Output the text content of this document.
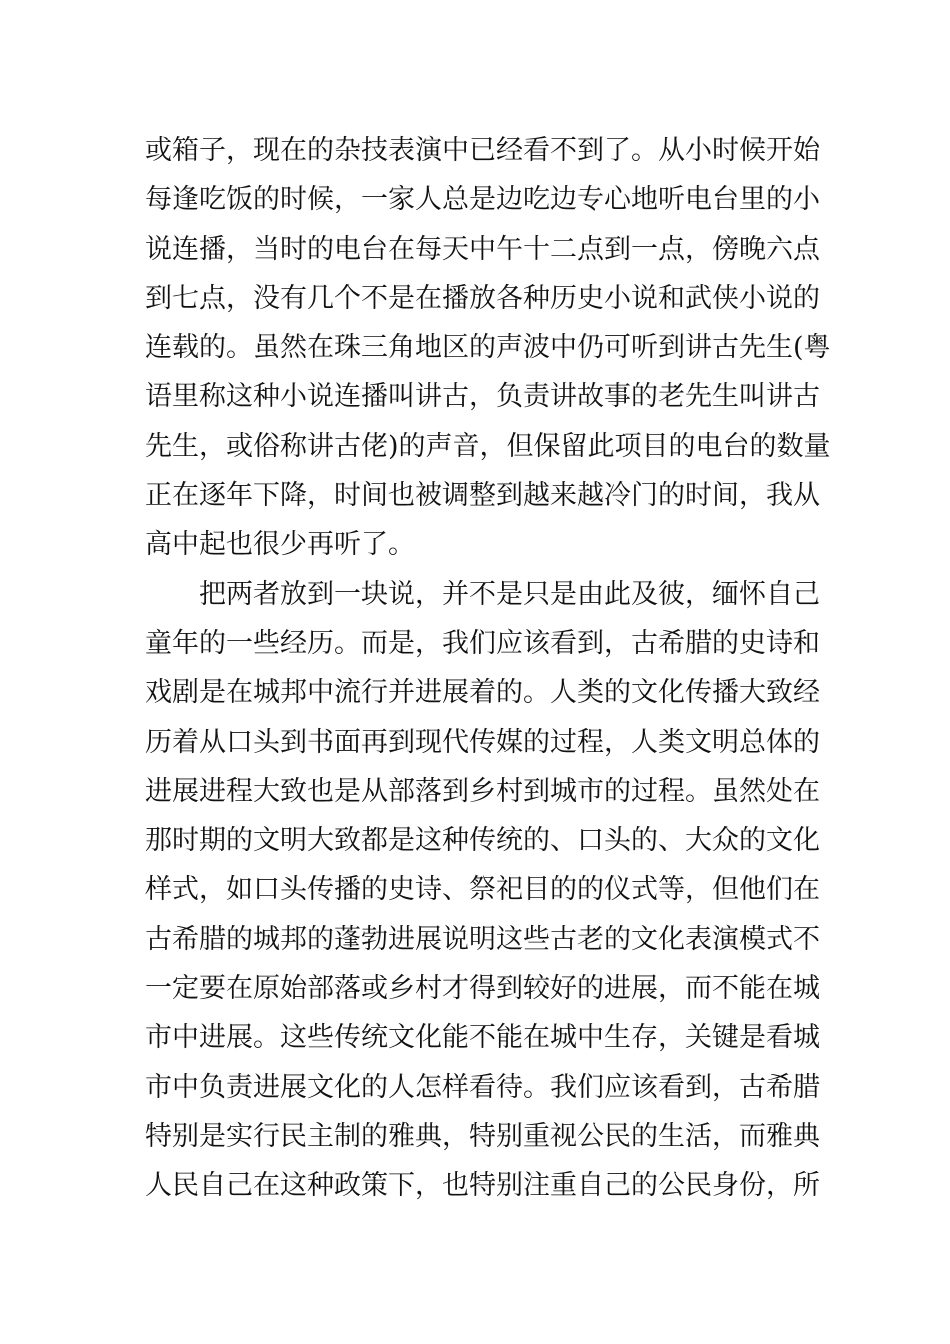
或箱子，现在的杂技表演中已经看不到了。从小时候开始
每逢吃饭的时候，一家人总是边吃边专心地听电台里的小
说连播，当时的电台在每天中午十二点到一点，傍晚六点
到七点，没有几个不是在播放各种历史小说和武侠小说的
连载的。虽然在珠三角地区的声波中仍可听到讲古先生(粤
语里称这种小说连播叫讲古，负责讲故事的老先生叫讲古
先生，或俗称讲古佬)的声音，但保留此项目的电台的数量
正在逐年下降，时间也被调整到越来越冷门的时间，我从
高中起也很少再听了。
把两者放到一块说，并不是只是由此及彼，缅怀自己
童年的一些经历。而是，我们应该看到，古希腊的史诗和
戏剧是在城邦中流行并进展着的。人类的文化传播大致经
历着从口头到书面再到现代传媒的过程，人类文明总体的
进展进程大致也是从部落到乡村到城市的过程。虽然处在
那时期的文明大致都是这种传统的、口头的、大众的文化
样式，如口头传播的史诗、祭祀目的的仪式等，但他们在
古希腊的城邦的蓬勃进展说明这些古老的文化表演模式不
一定要在原始部落或乡村才得到较好的进展，而不能在城
市中进展。这些传统文化能不能在城中生存，关键是看城
市中负责进展文化的人怎样看待。我们应该看到，古希腊
特别是实行民主制的雅典，特别重视公民的生活，而雅典
人民自己在这种政策下，也特别注重自己的公民身份，所
